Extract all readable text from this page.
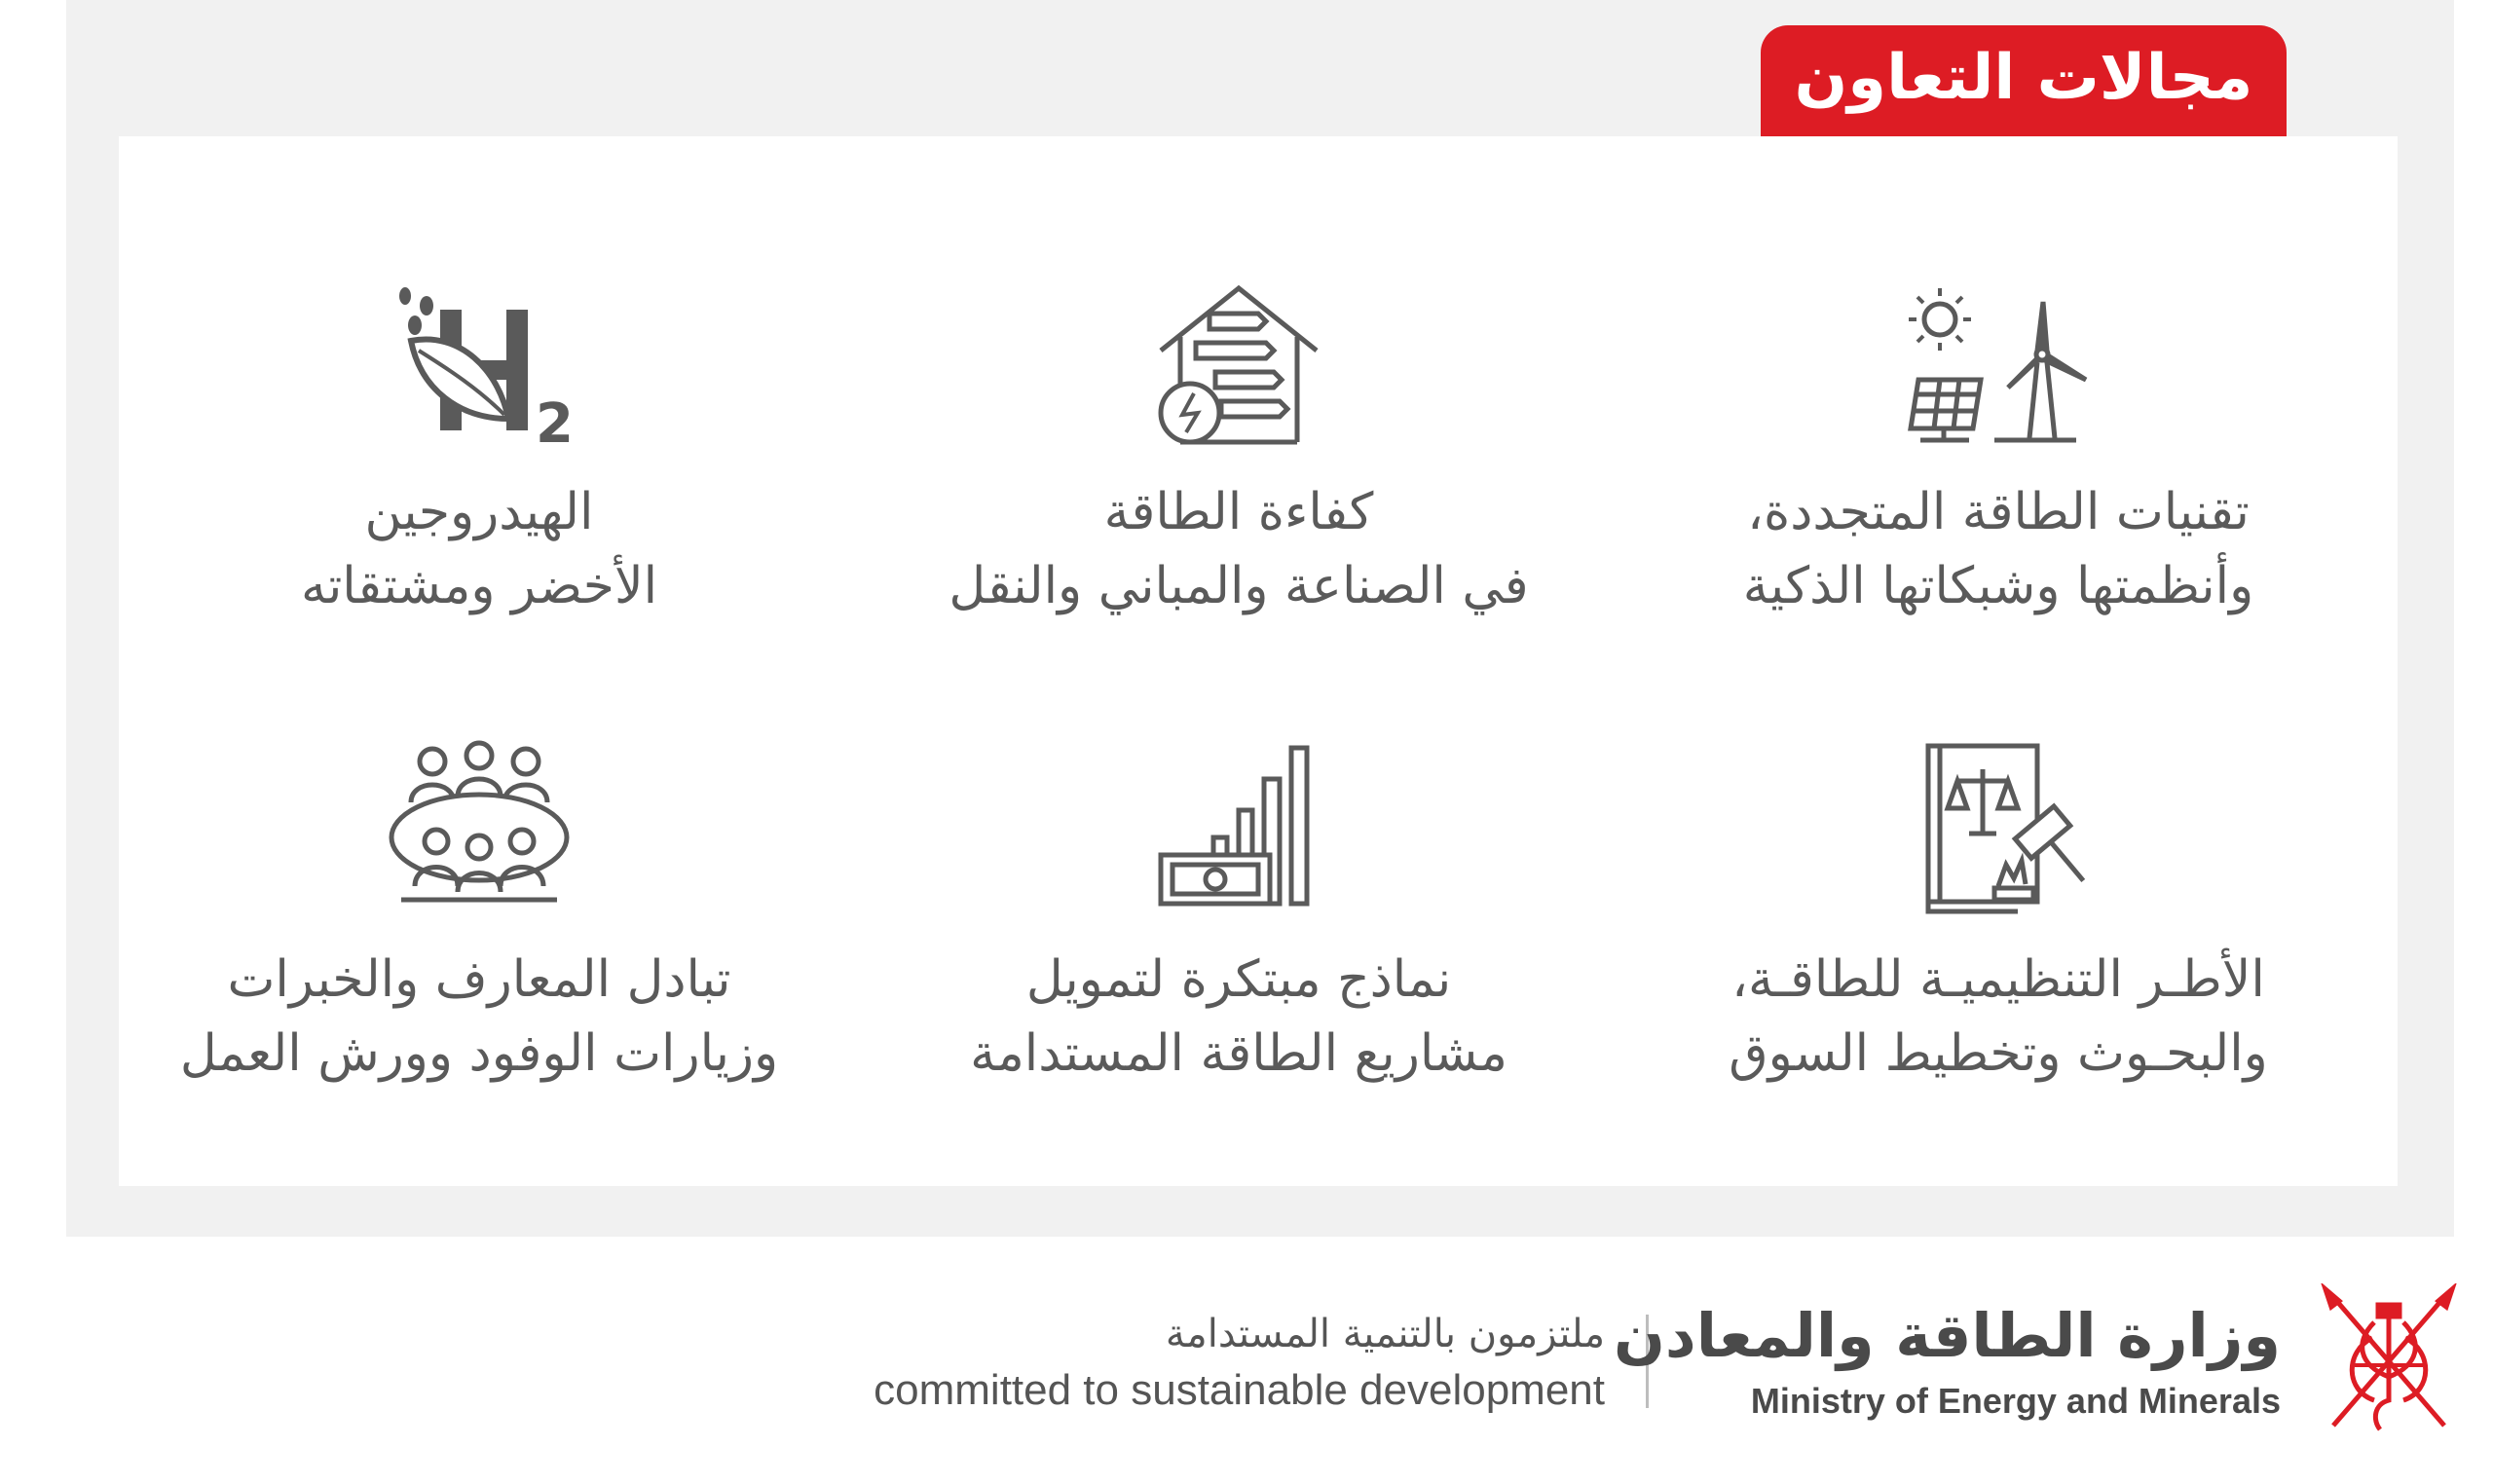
مجالات التعاون
تقنيات الطاقة المتجددة،
وأنظمتها وشبكاتها الذكية
كفاءة الطاقة
في الصناعة والمباني والنقل
2
الهيدروجين
الأخضر ومشتقاته
الأطـر التنظيميـة للطاقـة،
والبحـوث وتخطيط السوق
نماذج مبتكرة لتمويل
مشاريع الطاقة المستدامة
تبادل المعارف والخبرات
وزيارات الوفود وورش العمل
ملتزمون بالتنمية المستدامة
committed to sustainable development
وزارة الطاقة والمعادن
Ministry of Energy and Minerals
